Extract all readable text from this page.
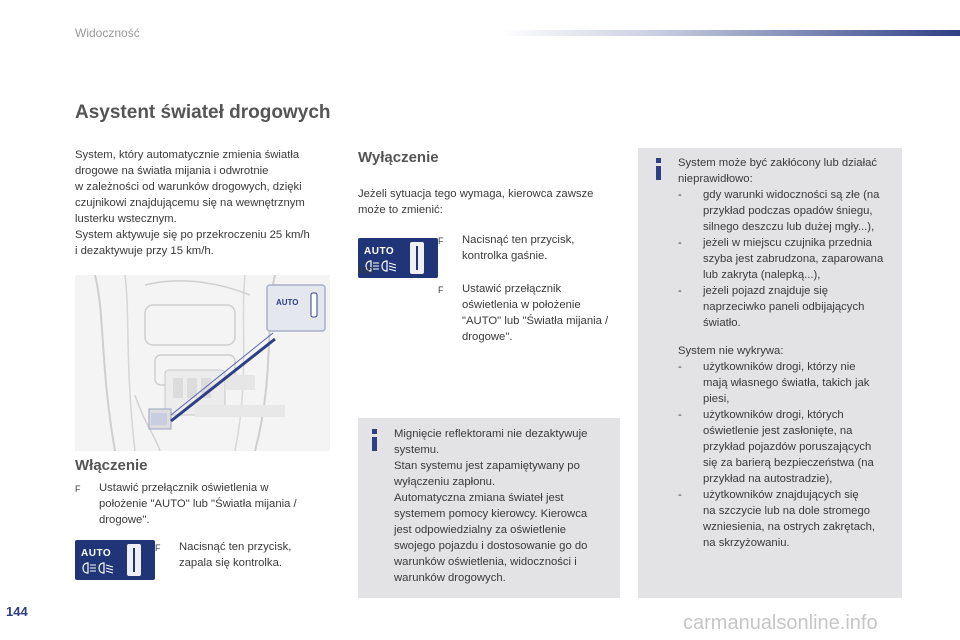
Widoczność
Asystent świateł drogowych
System, który automatycznie zmienia światła
drogowe na światła mijania i odwrotnie
w zależności od warunków drogowych, dzięki
czujnikowi znajdującemu się na wewnętrznym
lusterku wstecznym.
System aktywuje się po przekroczeniu 25 km/h
i dezaktywuje przy 15 km/h.
AUTO
Włączenie
F	Ustawić przełącznik oświetlenia w
położenie "AUTO" lub "Światła mijania /
drogowe".
AUTO	F	Nacisnąć ten przycisk,
zapala się kontrolka.
Wyłączenie
Jeżeli sytuacja tego wymaga, kierowca zawsze
może to zmienić:
AUTO
F	Nacisnąć ten przycisk,
kontrolka gaśnie.
lub
F	Ustawić przełącznik
oświetlenia w położenie
"AUTO" lub "Światła mijania /
drogowe".
Mignięcie reflektorami nie dezaktywuje
systemu.
Stan systemu jest zapamiętywany po
wyłączeniu zapłonu.
Automatyczna zmiana świateł jest
systemem pomocy kierowcy. Kierowca
jest odpowiedzialny za oświetlenie
swojego pojazdu i dostosowanie go do
warunków oświetlenia, widoczności i
warunków drogowych.
System może być zakłócony lub działać
nieprawidłowo:
-	gdy warunki widoczności są złe (na
przykład podczas opadów śniegu,
silnego deszczu lub dużej mgły...),
-	jeżeli w miejscu czujnika przednia
szyba jest zabrudzona, zaparowana
lub zakryta (nalepką...),
-	jeżeli pojazd znajduje się
naprzeciwko paneli odbijających
światło.
System nie wykrywa:
-	użytkowników drogi, którzy nie
mają własnego światła, takich jak
piesi,
-	użytkowników drogi, których
oświetlenie jest zasłonięte, na
przykład pojazdów poruszających
się za barierą bezpieczeństwa (na
przykład na autostradzie),
-	użytkowników znajdujących się
na szczycie lub na dole stromego
wzniesienia, na ostrych zakrętach,
na skrzyżowaniu.
144
carmanualsonline.info
